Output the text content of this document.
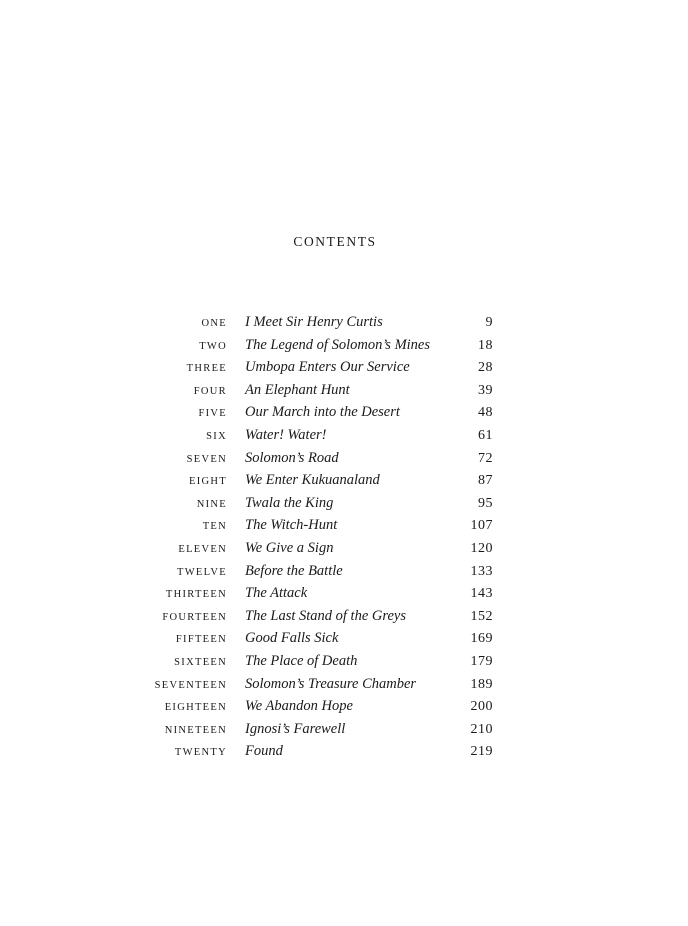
CONTENTS
ONE I Meet Sir Henry Curtis	9
TWO The Legend of Solomon’s Mines	18
THREE Umbopa Enters Our Service	28
FOUR An Elephant Hunt	39
FIVE Our March into the Desert	48
SIX Water! Water!	61
SEVEN Solomon’s Road	72
EIGHT We Enter Kukuanaland	87
NINE Twala the King	95
TEN The Witch-Hunt	107
ELEVEN We Give a Sign	120
TWELVE Before the Battle	133
THIRTEEN The Attack	143
FOURTEEN The Last Stand of the Greys	152
FIFTEEN Good Falls Sick	169
SIXTEEN The Place of Death	179
SEVENTEEN Solomon’s Treasure Chamber	189
EIGHTEEN We Abandon Hope	200
NINETEEN Ignosi’s Farewell	210
TWENTY Found	219
